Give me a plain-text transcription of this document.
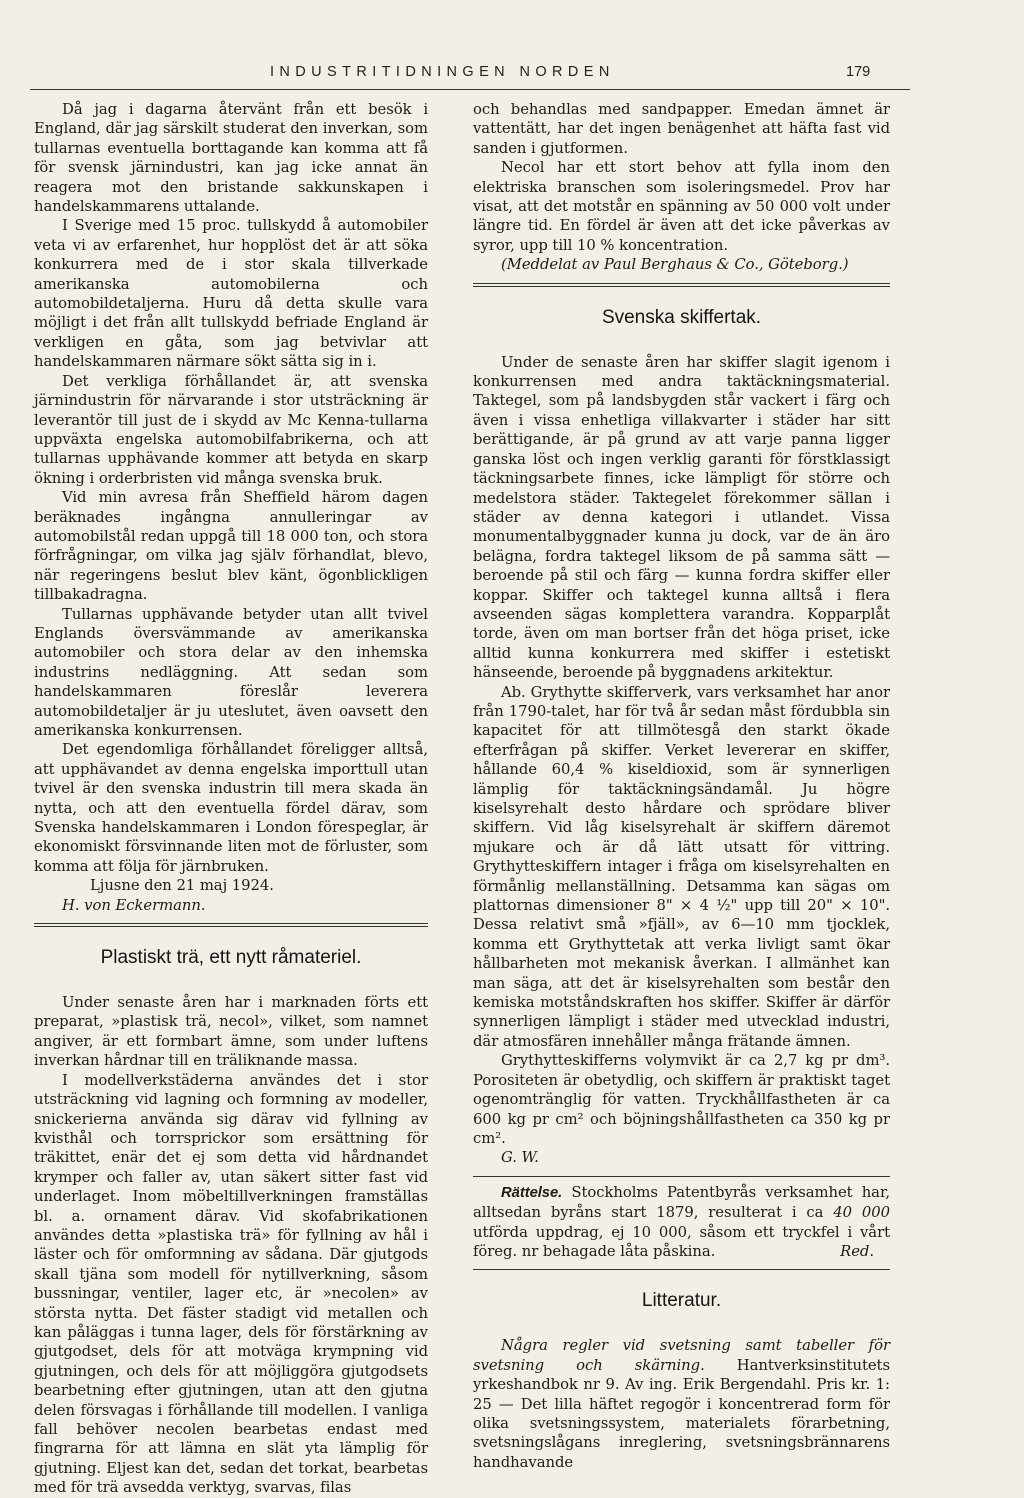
INDUSTRITIDNINGEN NORDEN	179

Då jag i dagarna återvänt från ett besök i England, där jag särskilt studerat den inverkan, som tullarnas eventuella borttagande kan komma att få för svensk järnindustri, kan jag icke annat än reagera mot den bristande sakkunskapen i handelskammarens uttalande.

I Sverige med 15 proc. tullskydd å automobiler veta vi av erfarenhet, hur hopplöst det är att söka konkurrera med de i stor skala tillverkade amerikanska automobilerna och automobildetaljerna. Huru då detta skulle vara möjligt i det från allt tullskydd befriade England är verkligen en gåta, som jag betvivlar att handelskammaren närmare sökt sätta sig in i.

Det verkliga förhållandet är, att svenska järnindustrin för närvarande i stor utsträckning är leverantör till just de i skydd av Mc Kenna-tullarna uppväxta engelska automobilfabrikerna, och att tullarnas upphävande kommer att betyda en skarp ökning i orderbristen vid många svenska bruk.

Vid min avresa från Sheffield härom dagen beräknades ingångna annulleringar av automobilstål redan uppgå till 18 000 ton, och stora förfrågningar, om vilka jag själv förhandlat, blevo, när regeringens beslut blev känt, ögonblickligen tillbakadragna.

Tullarnas upphävande betyder utan allt tvivel Englands översvämmande av amerikanska automobiler och stora delar av den inhemska industrins nedläggning. Att sedan som handelskammaren föreslår leverera automobildetaljer är ju uteslutet, även oavsett den amerikanska konkurrensen.

Det egendomliga förhållandet föreligger alltså, att upphävandet av denna engelska importtull utan tvivel är den svenska industrin till mera skada än nytta, och att den eventuella fördel därav, som Svenska handelskammaren i London förespeglar, är ekonomiskt försvinnande liten mot de förluster, som komma att följa för järnbruken.

Ljusne den 21 maj 1924.

H. von Eckermann.

Plastiskt trä, ett nytt råmateriel.

Under senaste åren har i marknaden förts ett preparat, »plastisk trä, necol», vilket, som namnet angiver, är ett formbart ämne, som under luftens inverkan hårdnar till en träliknande massa.

I modellverkstäderna användes det i stor utsträckning vid lagning och formning av modeller, snickerierna använda sig därav vid fyllning av kvisthål och torrsprickor som ersättning för träkittet, enär det ej som detta vid hårdnandet krymper och faller av, utan säkert sitter fast vid underlaget. Inom möbeltillverkningen framställas bl. a. ornament därav. Vid skofabrikationen användes detta »plastiska trä» för fyllning av hål i läster och för omformning av sådana. Där gjutgods skall tjäna som modell för nytillverkning, såsom bussningar, ventiler, lager etc, är »necolen» av största nytta. Det fäster stadigt vid metallen och kan påläggas i tunna lager, dels för förstärkning av gjutgodset, dels för att motväga krympning vid gjutningen, och dels för att möjliggöra gjutgodsets bearbetning efter gjutningen, utan att den gjutna delen försvagas i förhållande till modellen. I vanliga fall behöver necolen bearbetas endast med fingrarna för att lämna en slät yta lämplig för gjutning. Eljest kan det, sedan det torkat, bearbetas med för trä avsedda verktyg, svarvas, filas

och behandlas med sandpapper. Emedan ämnet är vattentätt, har det ingen benägenhet att häfta fast vid sanden i gjutformen.

Necol har ett stort behov att fylla inom den elektriska branschen som isoleringsmedel. Prov har visat, att det motstår en spänning av 50 000 volt under längre tid. En fördel är även att det icke påverkas av syror, upp till 10 % koncentration.

(Meddelat av Paul Berghaus & Co., Göteborg.)

Svenska skiffertak.

Under de senaste åren har skiffer slagit igenom i konkurrensen med andra taktäckningsmaterial. Taktegel, som på landsbygden står vackert i färg och även i vissa enhetliga villakvarter i städer har sitt berättigande, är på grund av att varje panna ligger ganska löst och ingen verklig garanti för förstklassigt täckningsarbete finnes, icke lämpligt för större och medelstora städer. Taktegelet förekommer sällan i städer av denna kategori i utlandet. Vissa monumentalbyggnader kunna ju dock, var de än äro belägna, fordra taktegel liksom de på samma sätt — beroende på stil och färg — kunna fordra skiffer eller koppar. Skiffer och taktegel kunna alltså i flera avseenden sägas komplettera varandra. Kopparplåt torde, även om man bortser från det höga priset, icke alltid kunna konkurrera med skiffer i estetiskt hänseende, beroende på byggnadens arkitektur.

Ab. Grythytte skifferverk, vars verksamhet har anor från 1790-talet, har för två år sedan måst fördubbla sin kapacitet för att tillmötesgå den starkt ökade efterfrågan på skiffer. Verket levererar en skiffer, hållande 60,4 % kiseldioxid, som är synnerligen lämplig för taktäckningsändamål. Ju högre kiselsyrehalt desto hårdare och sprödare bliver skiffern. Vid låg kiselsyrehalt är skiffern däremot mjukare och är då lätt utsatt för vittring. Grythytteskiffern intager i fråga om kiselsyrehalten en förmånlig mellanställning. Detsamma kan sägas om plattornas dimensioner 8" × 4 ½" upp till 20" × 10". Dessa relativt små »fjäll», av 6—10 mm tjocklek, komma ett Grythyttetak att verka livligt samt ökar hållbarheten mot mekanisk åverkan. I allmänhet kan man säga, att det är kiselsyrehalten som består den kemiska motståndskraften hos skiffer. Skiffer är därför synnerligen lämpligt i städer med utvecklad industri, där atmosfären innehåller många frätande ämnen.

Grythytteskifferns volymvikt är ca 2,7 kg pr dm³. Porositeten är obetydlig, och skiffern är praktiskt taget ogenomtränglig för vatten. Tryckhållfastheten är ca 600 kg pr cm² och böjningshållfastheten ca 350 kg pr cm².

G. W.

Rättelse. Stockholms Patentbyrås verksamhet har, alltsedan byråns start 1879, resulterat i ca 40 000 utförda uppdrag, ej 10 000, såsom ett tryckfel i vårt föreg. nr behagade låta påskina.	Red.

Litteratur.

Några regler vid svetsning samt tabeller för svetsning och skärning. Hantverksinstitutets yrkeshandbok nr 9. Av ing. Erik Bergendahl. Pris kr. 1: 25 — Det lilla häftet regogör i koncentrerad form för olika svetsningssystem, materialets förarbetning, svetsningslågans inreglering, svetsningsbrännarens handhavande
